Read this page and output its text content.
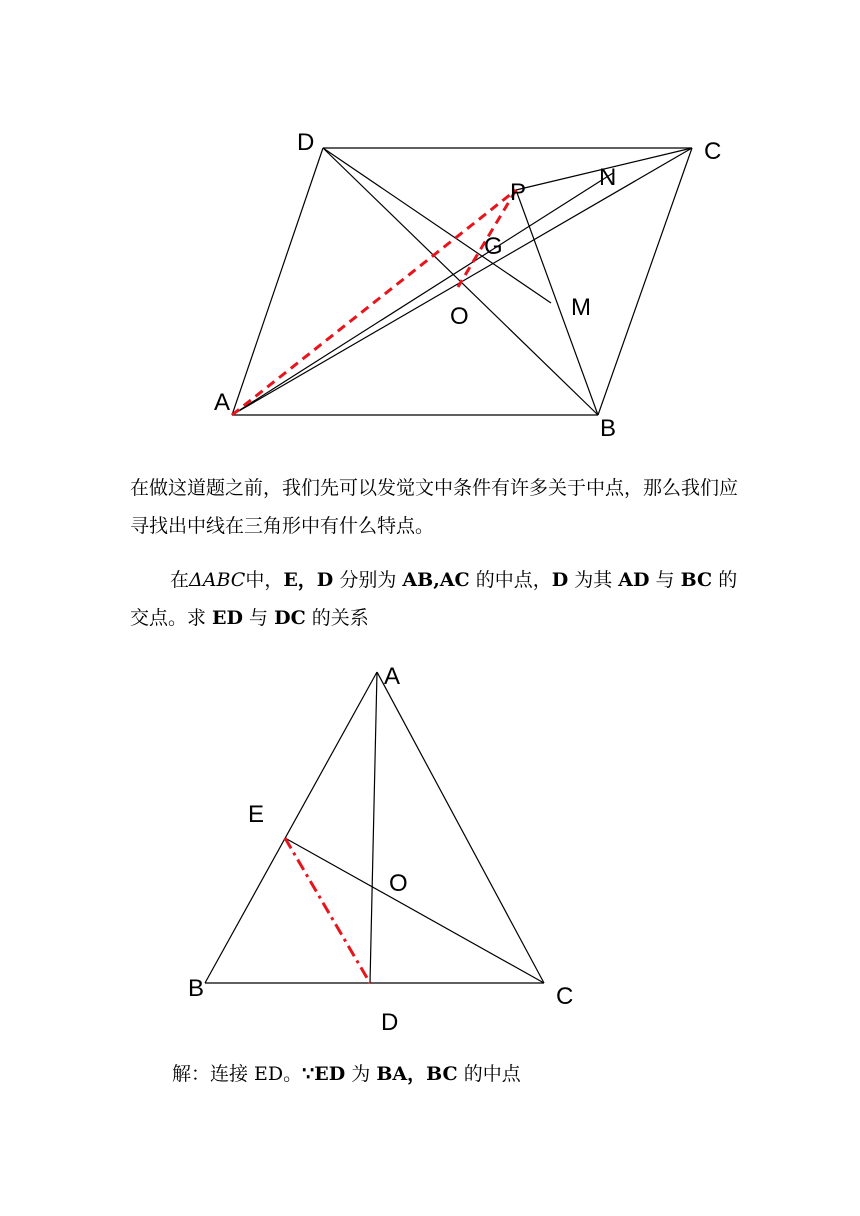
D	C
P
N
G
M
O
A
B

在做这道题之前，我们先可以发觉文中条件有许多关于中点，那么我们应寻找出中线在三角形中有什么特点。

在ΔABC中，E，D 分别为 AB,AC 的中点，D 为其 AD 与 BC 的交点。求 ED 与 DC 的关系

A
E
O
B	C
D

解：连接 ED。∵ED 为 BA，BC 的中点
